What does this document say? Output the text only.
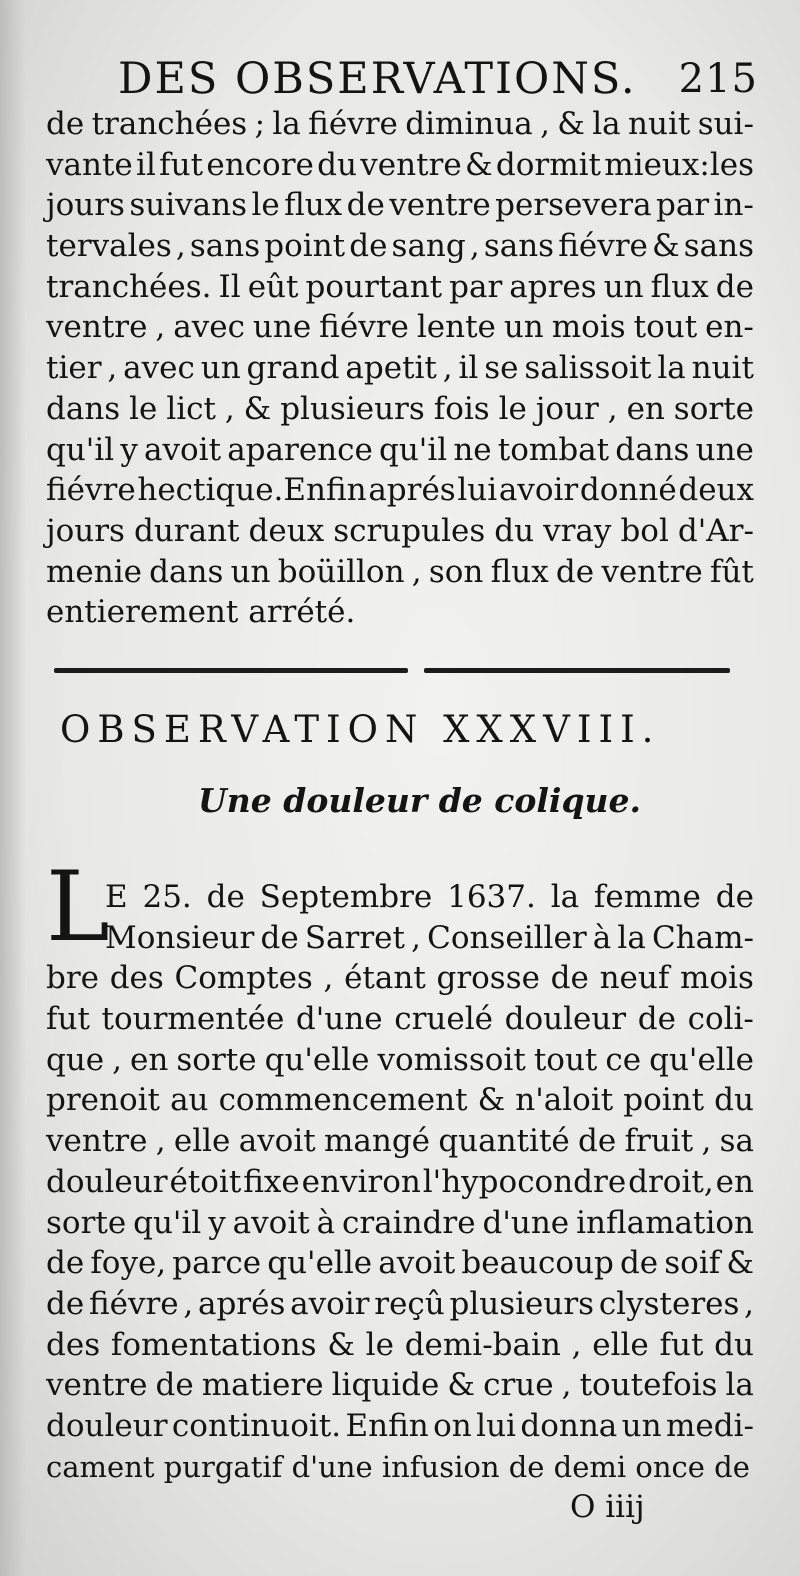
DES OBSERVATIONS. 215
de tranchées ; la fiévre diminua , & la nuit sui-
vante il fut encore du ventre & dormit mieux:les
jours suivans le flux de ventre persevera par in-
tervales , sans point de sang , sans fiévre & sans
tranchées. Il eût pourtant par apres un flux de
ventre , avec une fiévre lente un mois tout en-
tier , avec un grand apetit , il se salissoit la nuit
dans le lict , & plusieurs fois le jour , en sorte
qu'il y avoit aparence qu'il ne tombat dans une
fiévre hectique.Enfin aprés lui avoir donné deux
jours durant deux scrupules du vray bol d'Ar-
menie dans un boüillon , son flux de ventre fût
entierement arrété.
OBSERVATION XXXVIII.
Une douleur de colique.
L
E 25. de Septembre 1637. la femme de
Monsieur de Sarret , Conseiller à la Cham-
bre des Comptes , étant grosse de neuf mois
fut tourmentée d'une cruelé douleur de coli-
que , en sorte qu'elle vomissoit tout ce qu'elle
prenoit au commencement & n'aloit point du
ventre , elle avoit mangé quantité de fruit , sa
douleur étoit fixe environ l'hypocondre droit, en
sorte qu'il y avoit à craindre d'une inflamation
de foye, parce qu'elle avoit beaucoup de soif &
de fiévre , aprés avoir reçû plusieurs clysteres ,
des fomentations & le demi-bain , elle fut du
ventre de matiere liquide & crue , toutefois la
douleur continuoit. Enfin on lui donna un medi-
cament purgatif d'une infusion de demi once de
O iiij
